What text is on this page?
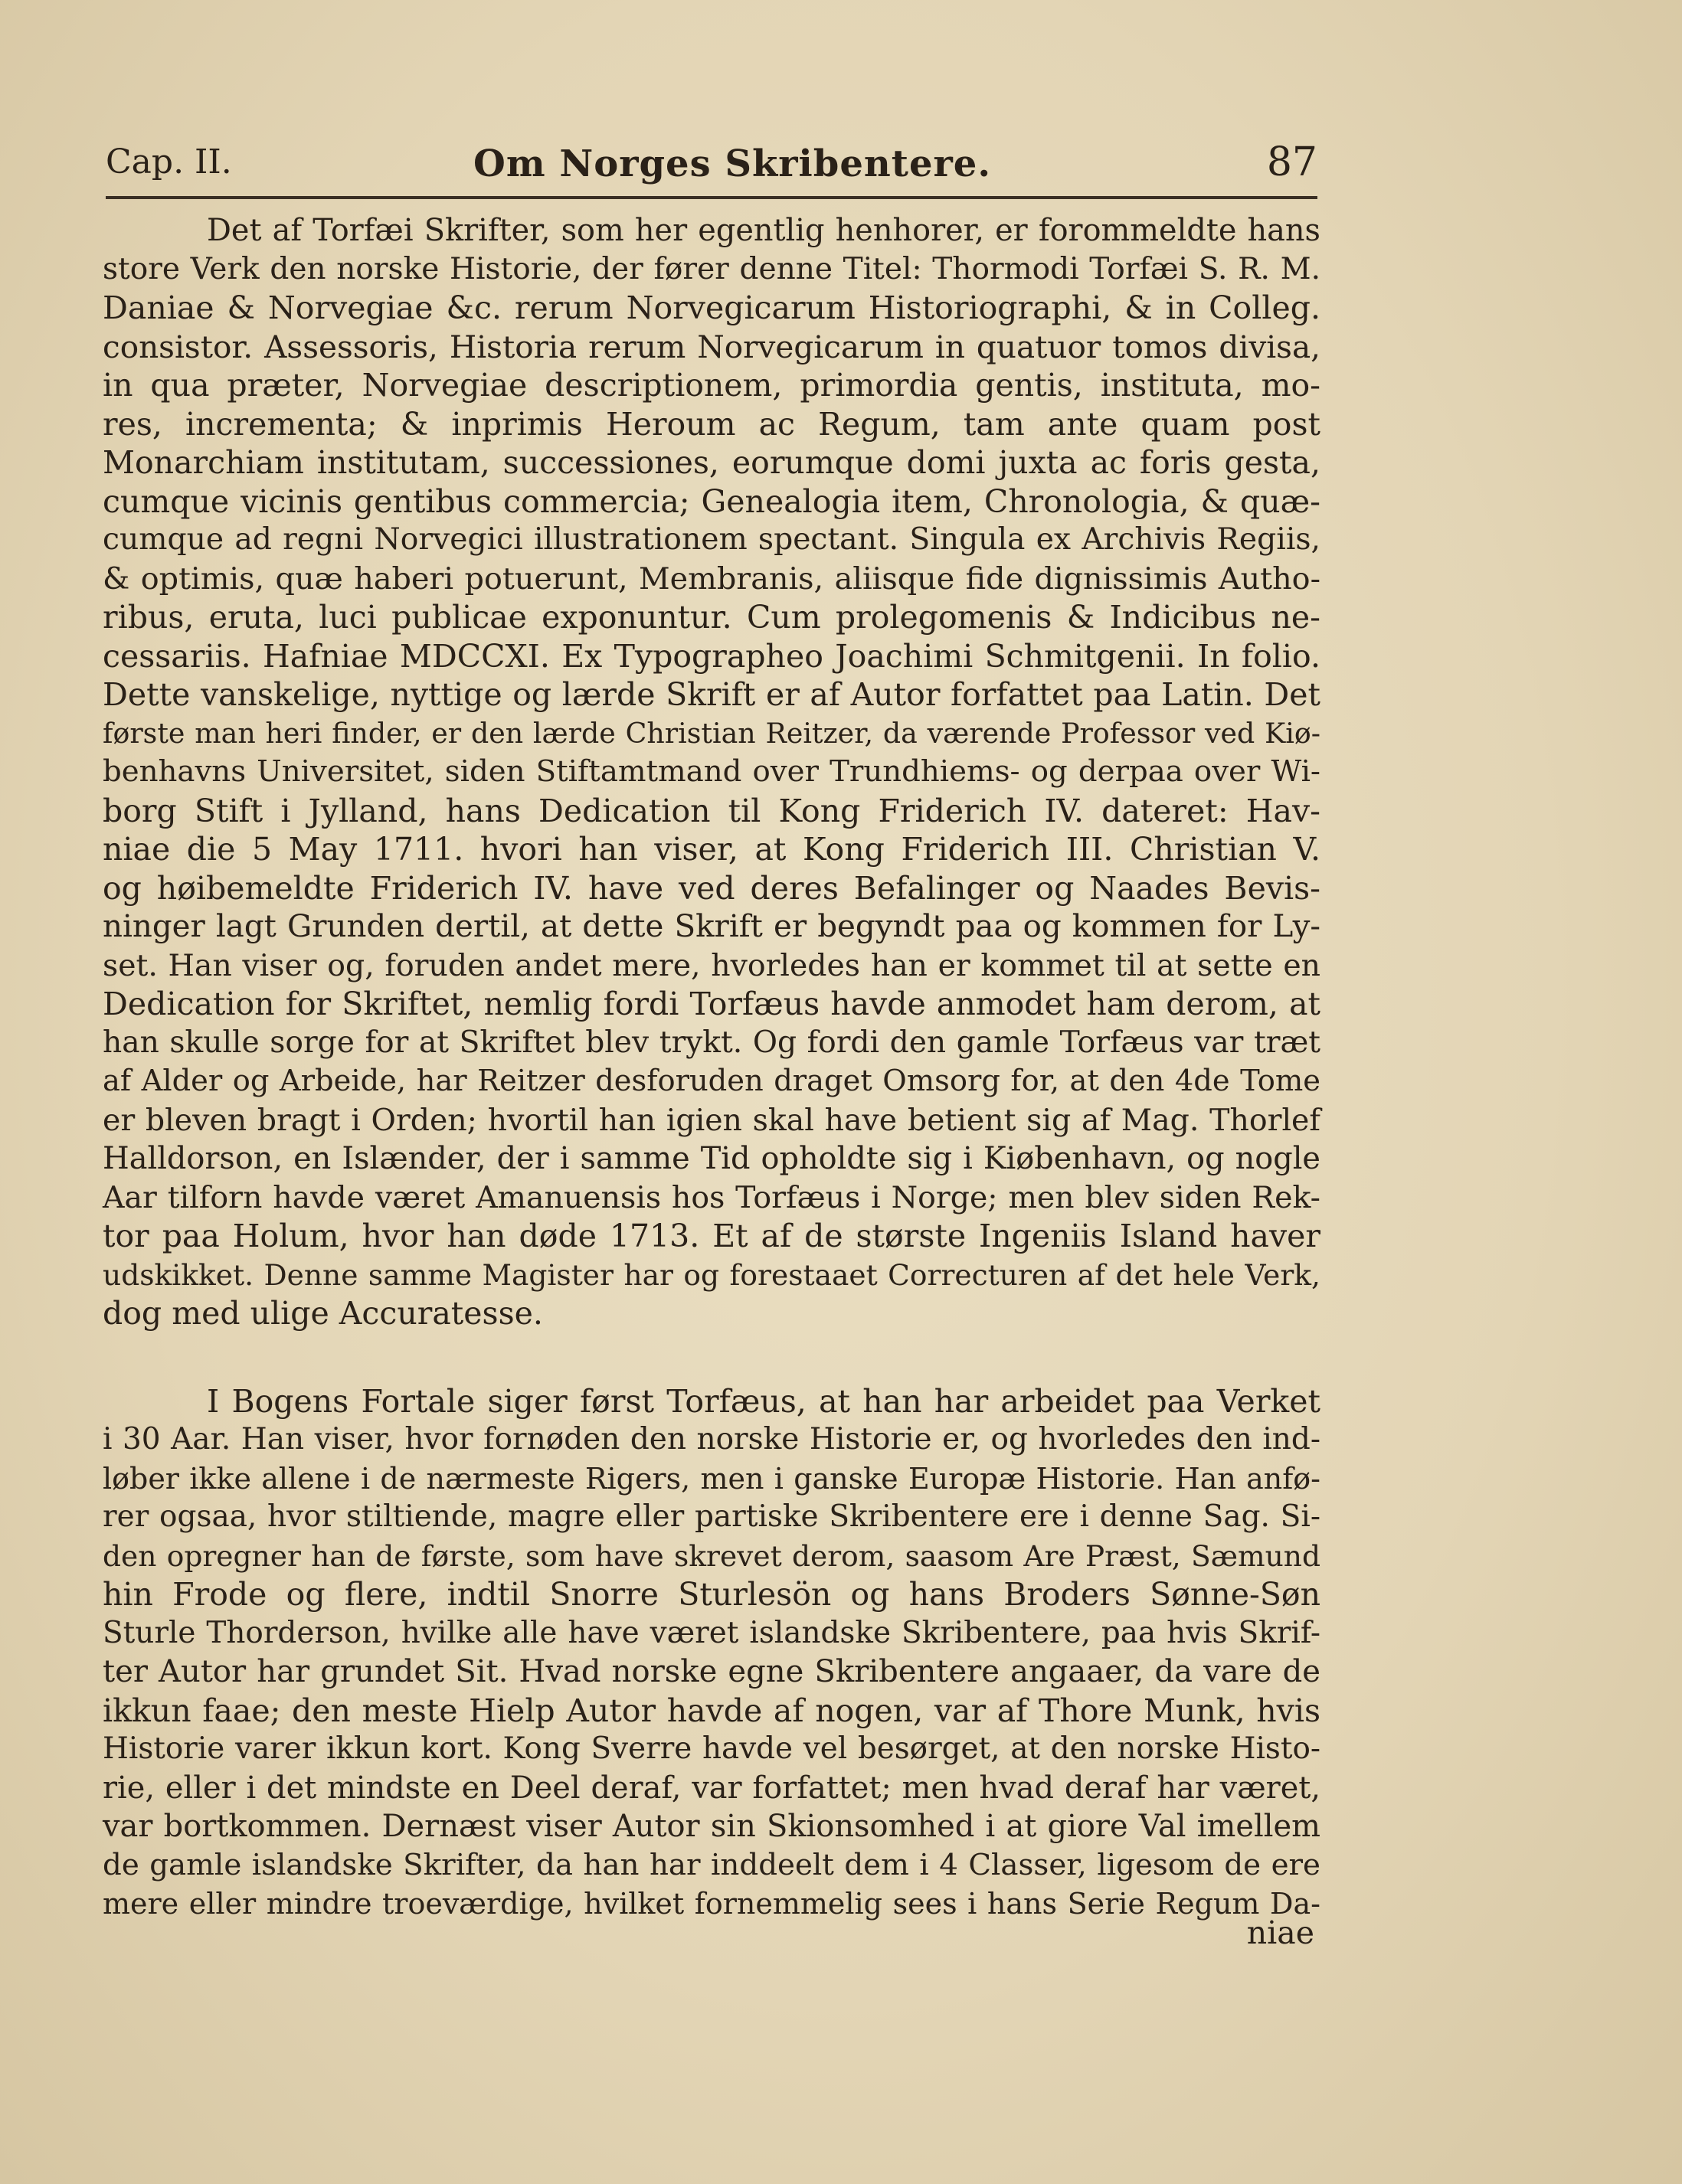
Cap. II.	Om Norges Skribentere.	87
Det af Torfæi Skrifter, som her egentlig henhorer, er forommeldte hans
store Verk den norske Historie, der fører denne Titel: Thormodi Torfæi S. R. M.
Daniae & Norvegiae &c. rerum Norvegicarum Historiographi, & in Colleg.
consistor. Assessoris, Historia rerum Norvegicarum in quatuor tomos divisa,
in qua præter, Norvegiae descriptionem, primordia gentis, instituta, mo-
res, incrementa; & inprimis Heroum ac Regum, tam ante quam post
Monarchiam institutam, successiones, eorumque domi juxta ac foris gesta,
cumque vicinis gentibus commercia; Genealogia item, Chronologia, & quæ-
cumque ad regni Norvegici illustrationem spectant. Singula ex Archivis Regiis,
& optimis, quæ haberi potuerunt, Membranis, aliisque fide dignissimis Autho-
ribus, eruta, luci publicae exponuntur. Cum prolegomenis & Indicibus ne-
cessariis. Hafniae MDCCXI. Ex Typographeo Joachimi Schmitgenii. In folio.
Dette vanskelige, nyttige og lærde Skrift er af Autor forfattet paa Latin. Det
første man heri finder, er den lærde Christian Reitzer, da værende Professor ved Kiø-
benhavns Universitet, siden Stiftamtmand over Trundhiems- og derpaa over Wi-
borg Stift i Jylland, hans Dedication til Kong Friderich IV. dateret: Hav-
niae die 5 May 1711. hvori han viser, at Kong Friderich III. Christian V.
og høibemeldte Friderich IV. have ved deres Befalinger og Naades Bevis-
ninger lagt Grunden dertil, at dette Skrift er begyndt paa og kommen for Ly-
set. Han viser og, foruden andet mere, hvorledes han er kommet til at sette en
Dedication for Skriftet, nemlig fordi Torfæus havde anmodet ham derom, at
han skulle sorge for at Skriftet blev trykt. Og fordi den gamle Torfæus var træt
af Alder og Arbeide, har Reitzer desforuden draget Omsorg for, at den 4de Tome
er bleven bragt i Orden; hvortil han igien skal have betient sig af Mag. Thorlef
Halldorson, en Islænder, der i samme Tid opholdte sig i Kiøbenhavn, og nogle
Aar tilforn havde været Amanuensis hos Torfæus i Norge; men blev siden Rek-
tor paa Holum, hvor han døde 1713. Et af de største Ingeniis Island haver
udskikket. Denne samme Magister har og forestaaet Correcturen af det hele Verk,
dog med ulige Accuratesse.
I Bogens Fortale siger først Torfæus, at han har arbeidet paa Verket
i 30 Aar. Han viser, hvor fornøden den norske Historie er, og hvorledes den ind-
løber ikke allene i de nærmeste Rigers, men i ganske Europæ Historie. Han anfø-
rer ogsaa, hvor stiltiende, magre eller partiske Skribentere ere i denne Sag. Si-
den opregner han de første, som have skrevet derom, saasom Are Præst, Sæmund
hin Frode og flere, indtil Snorre Sturlesön og hans Broders Sønne-Søn
Sturle Thorderson, hvilke alle have været islandske Skribentere, paa hvis Skrif-
ter Autor har grundet Sit. Hvad norske egne Skribentere angaaer, da vare de
ikkun faae; den meste Hielp Autor havde af nogen, var af Thore Munk, hvis
Historie varer ikkun kort. Kong Sverre havde vel besørget, at den norske Histo-
rie, eller i det mindste en Deel deraf, var forfattet; men hvad deraf har været,
var bortkommen. Dernæst viser Autor sin Skionsomhed i at giore Val imellem
de gamle islandske Skrifter, da han har inddeelt dem i 4 Classer, ligesom de ere
mere eller mindre troeværdige, hvilket fornemmelig sees i hans Serie Regum Da-
niae
